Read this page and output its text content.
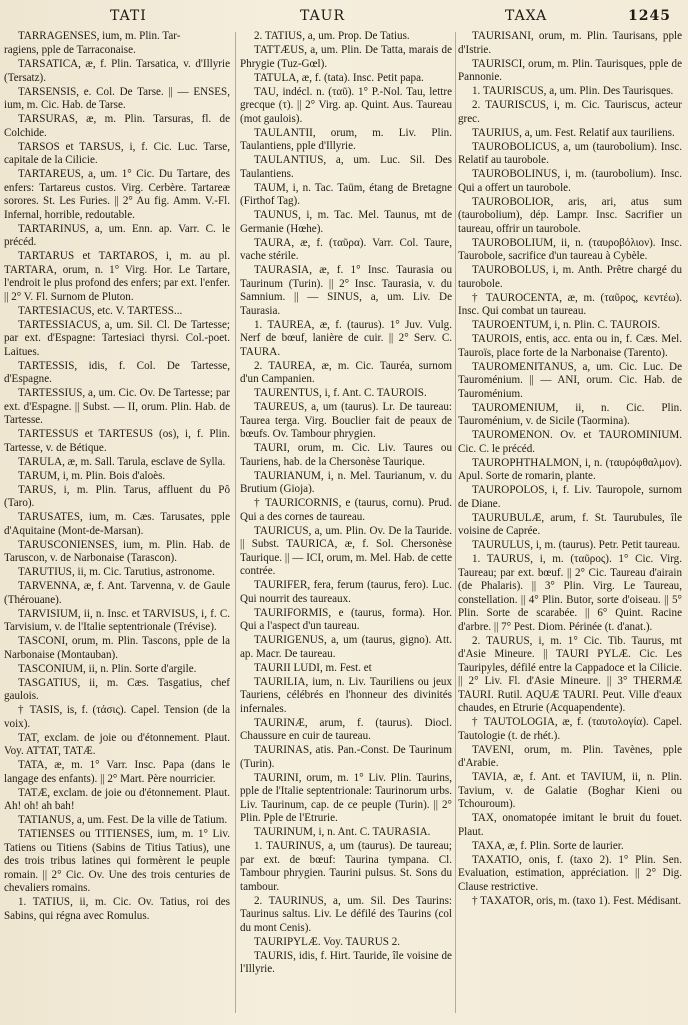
TATI	TAUR	TAXA	1245

TARRAGENSES, ium, m. Plin. Tar-

ragiens, pple de Tarraconaise.

TARSATICA, æ, f. Plin. Tarsatica, v. d'Illyrie (Tersatz).

TARSENSIS, e. Col. De Tarse. || — ENSES, ium, m. Cic. Hab. de Tarse.

TARSURAS, æ, m. Plin. Tarsuras, fl. de Colchide.

TARSOS et TARSUS, i, f. Cic. Luc. Tarse, capitale de la Cilicie.

TARTAREUS, a, um. 1° Cic. Du Tartare, des enfers: Tartareus custos. Virg. Cerbère. Tartareæ sorores. St. Les Furies. || 2° Au fig. Amm. V.-Fl. Infernal, horrible, redoutable.

TARTARINUS, a, um. Enn. ap. Varr. C. le précéd.

TARTARUS et TARTAROS, i, m. au pl. TARTARA, orum, n. 1° Virg. Hor. Le Tartare, l'endroit le plus profond des enfers; par ext. l'enfer. || 2° V. Fl. Surnom de Pluton.

TARTESIACUS, etc. V. TARTESS...

TARTESSIACUS, a, um. Sil. Cl. De Tartesse; par ext. d'Espagne: Tartesiaci thyrsi. Col.-poet. Laitues.

TARTESSIS, idis, f. Col. De Tartesse, d'Espagne.

TARTESSIUS, a, um. Cic. Ov. De Tartesse; par ext. d'Espagne. || Subst. — II, orum. Plin. Hab. de Tartesse.

TARTESSUS et TARTESUS (os), i, f. Plin. Tartesse, v. de Bétique.

TARULA, æ, m. Sall. Tarula, esclave de Sylla.

TARUM, i, m. Plin. Bois d'aloès.

TARUS, i, m. Plin. Tarus, affluent du Pô (Taro).

TARUSATES, ium, m. Cæs. Tarusates, pple d'Aquitaine (Mont-de-Marsan).

TARUSCONIENSES, ium, m. Plin. Hab. de Taruscon, v. de Narbonaise (Tarascon).

TARUTIUS, ii, m. Cic. Tarutius, astronome.

TARVENNA, æ, f. Ant. Tarvenna, v. de Gaule (Thérouane).

TARVISIUM, ii, n. Insc. et TARVISUS, i, f. C. Tarvisium, v. de l'Italie septentrionale (Trévise).

TASCONI, orum, m. Plin. Tascons, pple de la Narbonaise (Montauban).

TASCONIUM, ii, n. Plin. Sorte d'argile.

TASGATIUS, ii, m. Cæs. Tasgatius, chef gaulois.

† TASIS, is, f. (τάσις). Capel. Tension (de la voix).

TAT, exclam. de joie ou d'étonnement. Plaut. Voy. ATTAT, TATÆ.

TATA, æ, m. 1° Varr. Insc. Papa (dans le langage des enfants). || 2° Mart. Père nourricier.

TATÆ, exclam. de joie ou d'étonnement. Plaut. Ah! oh! ah bah!

TATIANUS, a, um. Fest. De la ville de Tatium.

TATIENSES ou TITIENSES, ium, m. 1° Liv. Tatiens ou Titiens (Sabins de Titius Tatius), une des trois tribus latines qui formèrent le peuple romain. || 2° Cic. Ov. Une des trois centuries de chevaliers romains.

1. TATIUS, ii, m. Cic. Ov. Tatius, roi des Sabins, qui régna avec Romulus.

2. TATIUS, a, um. Prop. De Tatius.

TATTÆUS, a, um. Plin. De Tatta, marais de Phrygie (Tuz-Gœl).

TATULA, æ, f. (tata). Insc. Petit papa.

TAU, indécl. n. (ταῦ). 1° P.-Nol. Tau, lettre grecque (τ). || 2° Virg. ap. Quint. Aus. Taureau (mot gaulois).

TAULANTII, orum, m. Liv. Plin. Taulantiens, pple d'Illyrie.

TAULANTIUS, a, um. Luc. Sil. Des Taulantiens.

TAUM, i, n. Tac. Taüm, étang de Bretagne (Firthof Tag).

TAUNUS, i, m. Tac. Mel. Taunus, mt de Germanie (Hœhe).

TAURA, æ, f. (ταῦρα). Varr. Col. Taure, vache stérile.

TAURASIA, æ, f. 1° Insc. Taurasia ou Taurinum (Turin). || 2° Insc. Taurasia, v. du Samnium. || — SINUS, a, um. Liv. De Taurasia.

1. TAUREA, æ, f. (taurus). 1° Juv. Vulg. Nerf de bœuf, lanière de cuir. || 2° Serv. C. TAURA.

2. TAUREA, æ, m. Cic. Tauréa, surnom d'un Campanien.

TAURENTUS, i, f. Ant. C. TAUROIS.

TAUREUS, a, um (taurus). Lr. De taureau: Taurea terga. Virg. Bouclier fait de peaux de bœufs. Ov. Tambour phrygien.

TAURI, orum, m. Cic. Liv. Taures ou Tauriens, hab. de la Chersonèse Taurique.

TAURIANUM, i, n. Mel. Taurianum, v. du Brutium (Gioja).

† TAURICORNIS, e (taurus, cornu). Prud. Qui a des cornes de taureau.

TAURICUS, a, um. Plin. Ov. De la Tauride. || Subst. TAURICA, æ, f. Sol. Chersonèse Taurique. || — ICI, orum, m. Mel. Hab. de cette contrée.

TAURIFER, fera, ferum (taurus, fero). Luc. Qui nourrit des taureaux.

TAURIFORMIS, e (taurus, forma). Hor. Qui a l'aspect d'un taureau.

TAURIGENUS, a, um (taurus, gigno). Att. ap. Macr. De taureau.

TAURII LUDI, m. Fest. et

TAURILIA, ium, n. Liv. Tauriliens ou jeux Tauriens, célébrés en l'honneur des divinités infernales.

TAURINÆ, arum, f. (taurus). Diocl. Chaussure en cuir de taureau.

TAURINAS, atis. Pan.-Const. De Taurinum (Turin).

TAURINI, orum, m. 1° Liv. Plin. Taurins, pple de l'Italie septentrionale: Taurinorum urbs. Liv. Taurinum, cap. de ce peuple (Turin). || 2° Plin. Pple de l'Etrurie.

TAURINUM, i, n. Ant. C. TAURASIA.

1. TAURINUS, a, um (taurus). De taureau; par ext. de bœuf: Taurina tympana. Cl. Tambour phrygien. Taurini pulsus. St. Sons du tambour.

2. TAURINUS, a, um. Sil. Des Taurins: Taurinus saltus. Liv. Le défilé des Taurins (col du mont Cenis).

TAURIPYLÆ. Voy. TAURUS 2.

TAURIS, idis, f. Hirt. Tauride, île voisine de l'Illyrie.

TAURISANI, orum, m. Plin. Taurisans, pple d'Istrie.

TAURISCI, orum, m. Plin. Taurisques, pple de Pannonie.

1. TAURISCUS, a, um. Plin. Des Taurisques.

2. TAURISCUS, i, m. Cic. Tauriscus, acteur grec.

TAURIUS, a, um. Fest. Relatif aux tauriliens.

TAUROBOLICUS, a, um (taurobolium). Insc. Relatif au taurobole.

TAUROBOLINUS, i, m. (taurobolium). Insc. Qui a offert un taurobole.

TAUROBOLIOR, aris, ari, atus sum (taurobolium), dép. Lampr. Insc. Sacrifier un taureau, offrir un taurobole.

TAUROBOLIUM, ii, n. (ταυροβόλιον). Insc. Taurobole, sacrifice d'un taureau à Cybèle.

TAUROBOLUS, i, m. Anth. Prêtre chargé du taurobole.

† TAUROCENTA, æ, m. (ταῦρος, κεντέω). Insc. Qui combat un taureau.

TAUROENTUM, i, n. Plin. C. TAUROIS.

TAUROIS, entis, acc. enta ou in, f. Cæs. Mel. Tauroïs, place forte de la Narbonaise (Tarento).

TAUROMENITANUS, a, um. Cic. Luc. De Tauroménium. || — ANI, orum. Cic. Hab. de Tauroménium.

TAUROMENIUM, ii, n. Cic. Plin. Tauroménium, v. de Sicile (Taormina).

TAUROMENON. Ov. et TAUROMINIUM. Cic. C. le précéd.

TAUROPHTHALMON, i, n. (ταυρόφθαλμον). Apul. Sorte de romarin, plante.

TAUROPOLOS, i, f. Liv. Tauropole, surnom de Diane.

TAURUBULÆ, arum, f. St. Taurubules, île voisine de Caprée.

TAURULUS, i, m. (taurus). Petr. Petit taureau.

1. TAURUS, i, m. (ταῦρος). 1° Cic. Virg. Taureau; par ext. bœuf. || 2° Cic. Taureau d'airain (de Phalaris). || 3° Plin. Virg. Le Taureau, constellation. || 4° Plin. Butor, sorte d'oiseau. || 5° Plin. Sorte de scarabée. || 6° Quint. Racine d'arbre. || 7° Pest. Diom. Périnée (t. d'anat.).

2. TAURUS, i, m. 1° Cic. Tib. Taurus, mt d'Asie Mineure. || TAURI PYLÆ. Cic. Les Tauripyles, défilé entre la Cappadoce et la Cilicie. || 2° Liv. Fl. d'Asie Mineure. || 3° THERMÆ TAURI. Rutil. AQUÆ TAURI. Peut. Ville d'eaux chaudes, en Etrurie (Acquapendente).

† TAUTOLOGIA, æ, f. (ταυτολογία). Capel. Tautologie (t. de rhét.).

TAVENI, orum, m. Plin. Tavènes, pple d'Arabie.

TAVIA, æ, f. Ant. et TAVIUM, ii, n. Plin. Tavium, v. de Galatie (Boghar Kieni ou Tchouroum).

TAX, onomatopée imitant le bruit du fouet. Plaut.

TAXA, æ, f. Plin. Sorte de laurier.

TAXATIO, onis, f. (taxo 2). 1° Plin. Sen. Evaluation, estimation, appréciation. || 2° Dig. Clause restrictive.

† TAXATOR, oris, m. (taxo 1). Fest. Médisant.
